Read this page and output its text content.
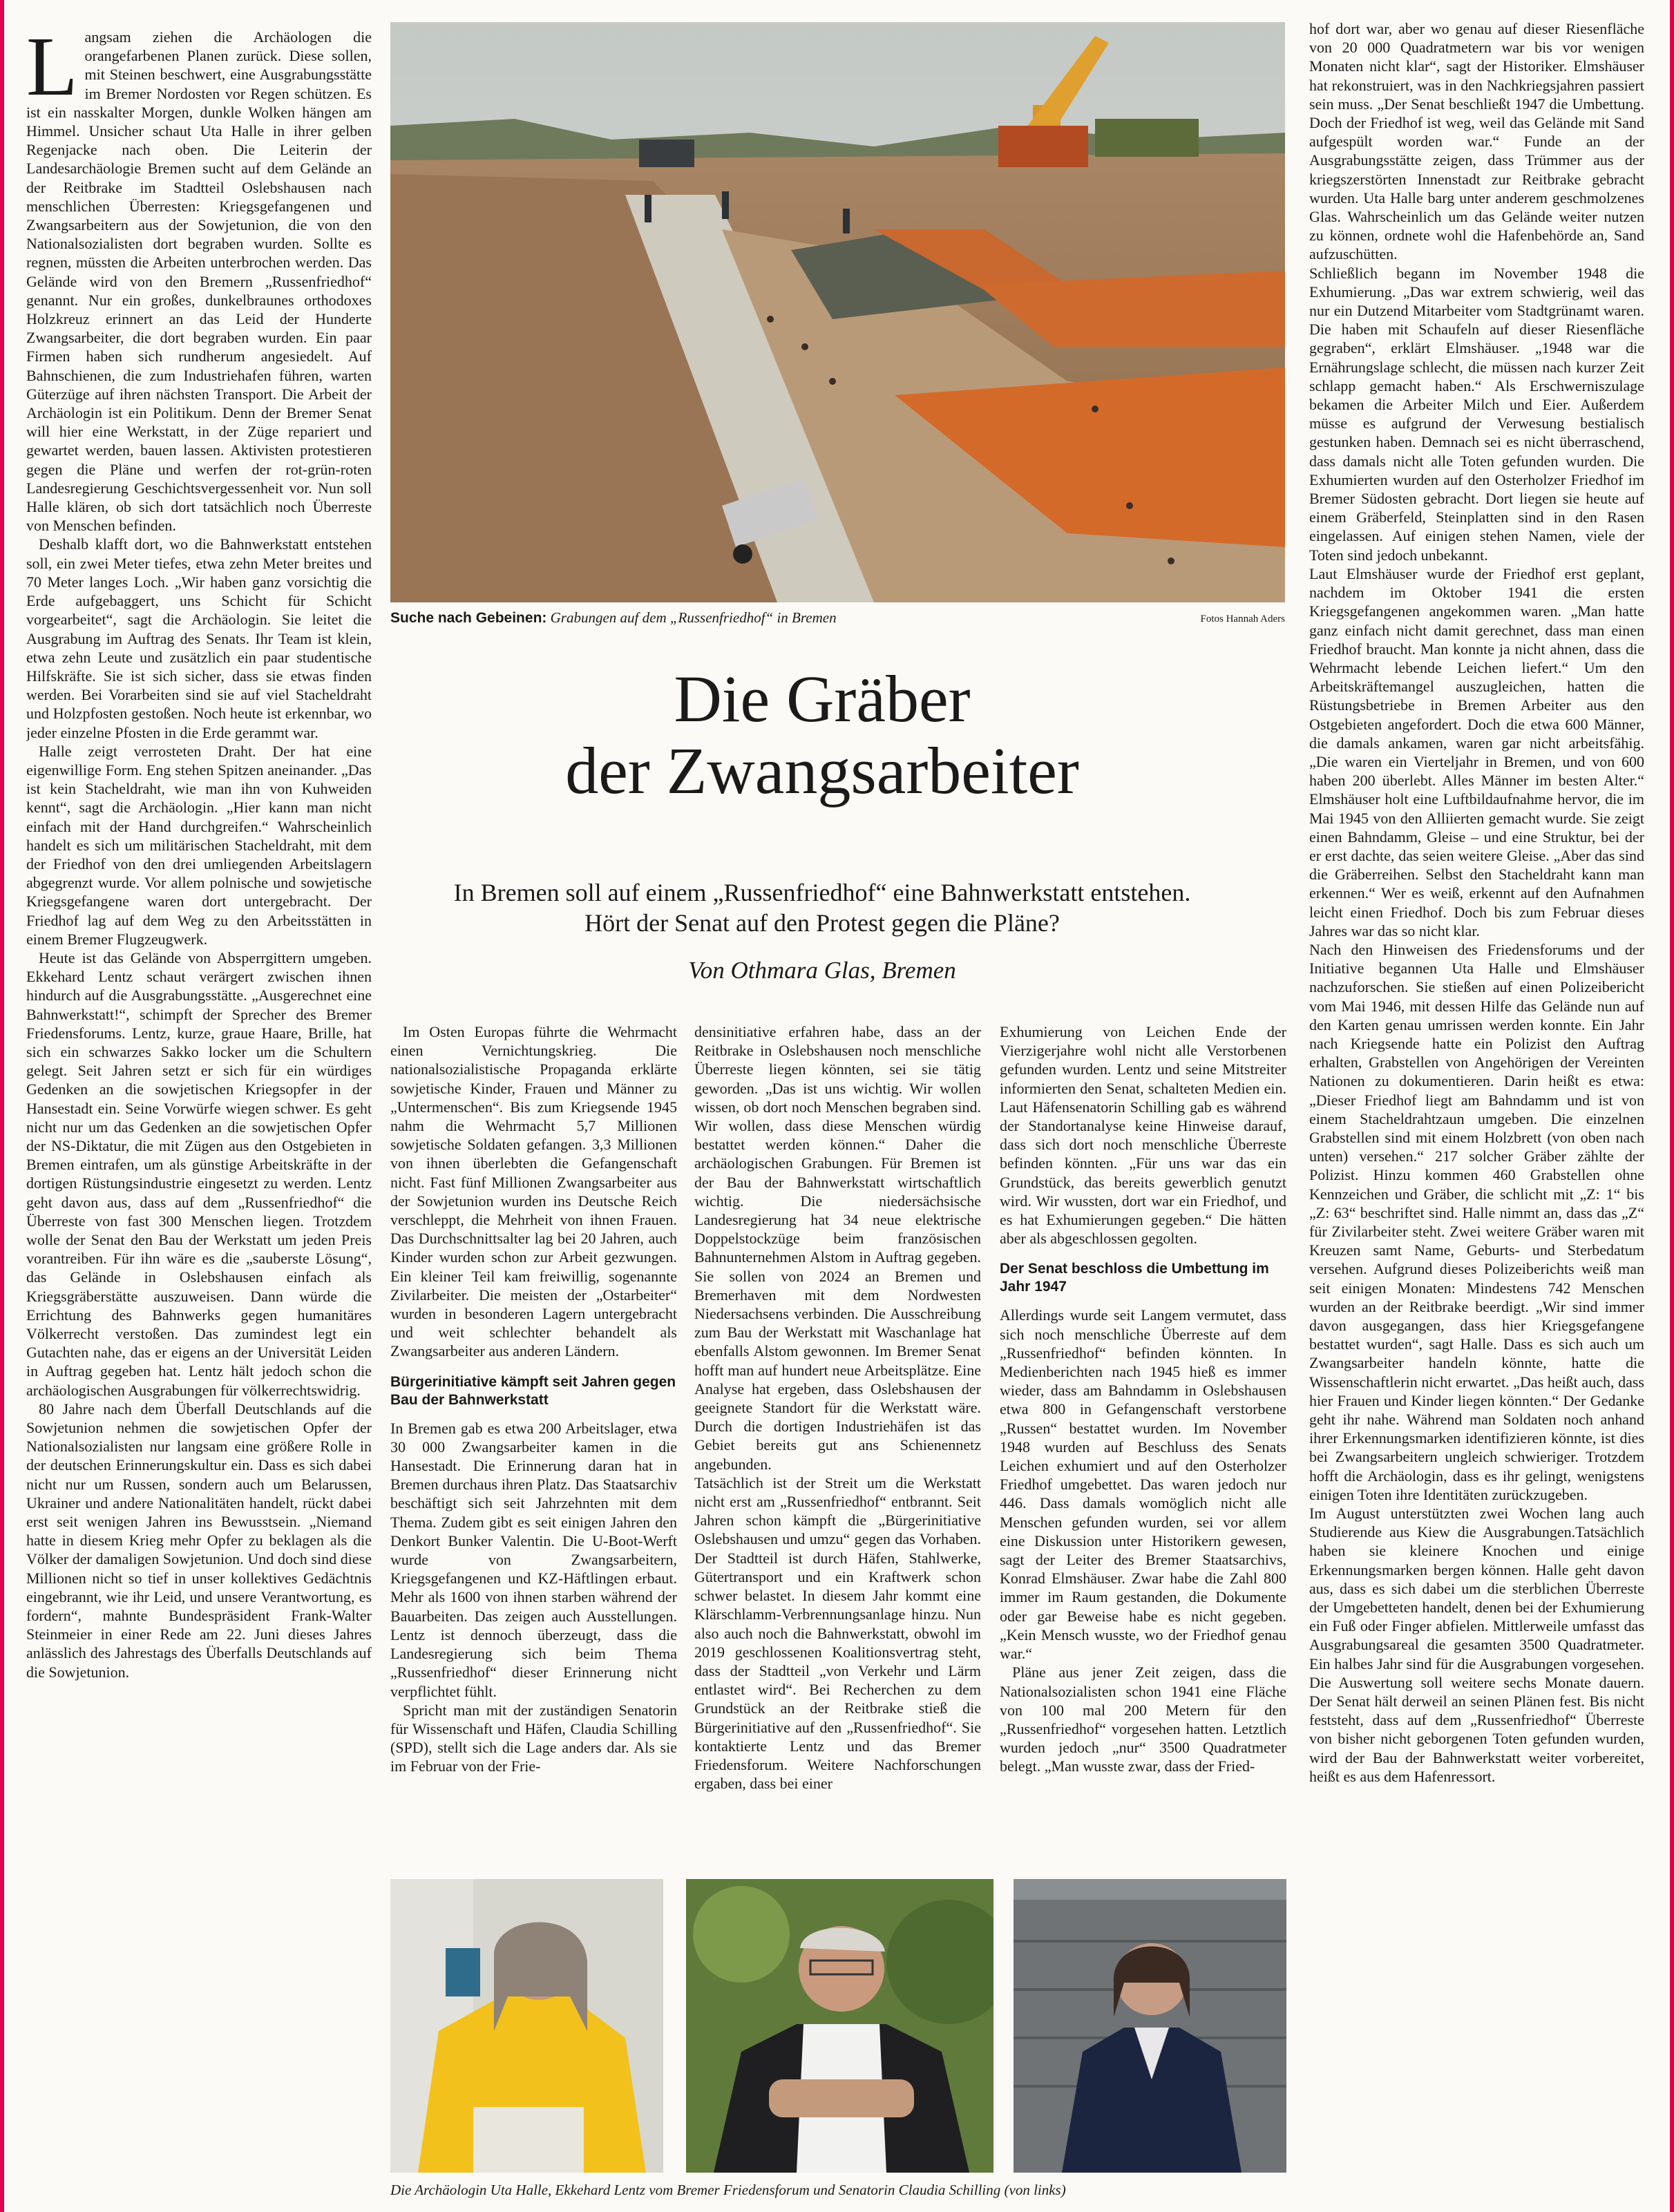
L angsam ziehen die Archäologen die orangefarbenen Planen zurück. Diese sollen, mit Steinen beschwert, eine Ausgrabungsstätte im Bremer Nordosten vor Regen schützen. Es ist ein nasskalter Morgen, dunkle Wolken hängen am Himmel. Unsicher schaut Uta Halle in ihrer gelben Regenjacke nach oben. Die Leiterin der Landesarchäologie Bremen sucht auf dem Gelände an der Reitbrake im Stadtteil Oslebshausen nach menschlichen Überresten: Kriegsgefangenen und Zwangsarbeitern aus der Sowjetunion, die von den Nationalsozialisten dort begraben wurden. Sollte es regnen, müssten die Arbeiten unterbrochen werden. Das Gelände wird von den Bremern „Russenfriedhof“ genannt. Nur ein großes, dunkelbraunes orthodoxes Holzkreuz erinnert an das Leid der Hunderte Zwangsarbeiter, die dort begraben wurden. Ein paar Firmen haben sich rundherum angesiedelt. Auf Bahnschienen, die zum Industriehafen führen, warten Güterzüge auf ihren nächsten Transport. Die Arbeit der Archäologin ist ein Politikum. Denn der Bremer Senat will hier eine Werkstatt, in der Züge repariert und gewartet werden, bauen lassen. Aktivisten protestieren gegen die Pläne und werfen der rot-grün-roten Landesregierung Geschichtsvergessenheit vor. Nun soll Halle klären, ob sich dort tatsächlich noch Überreste von Menschen befinden.

Deshalb klafft dort, wo die Bahnwerkstatt entstehen soll, ein zwei Meter tiefes, etwa zehn Meter breites und 70 Meter langes Loch. „Wir haben ganz vorsichtig die Erde aufgebaggert, uns Schicht für Schicht vorgearbeitet“, sagt die Archäologin. Sie leitet die Ausgrabung im Auftrag des Senats. Ihr Team ist klein, etwa zehn Leute und zusätzlich ein paar studentische Hilfskräfte. Sie ist sich sicher, dass sie etwas finden werden. Bei Vorarbeiten sind sie auf viel Stacheldraht und Holzpfosten gestoßen. Noch heute ist erkennbar, wo jeder einzelne Pfosten in die Erde gerammt war.

Halle zeigt verrosteten Draht. Der hat eine eigenwillige Form. Eng stehen Spitzen aneinander. „Das ist kein Stacheldraht, wie man ihn von Kuhweiden kennt“, sagt die Archäologin. „Hier kann man nicht einfach mit der Hand durchgreifen.“ Wahrscheinlich handelt es sich um militärischen Stacheldraht, mit dem der Friedhof von den drei umliegenden Arbeitslagern abgegrenzt wurde. Vor allem polnische und sowjetische Kriegsgefangene waren dort untergebracht. Der Friedhof lag auf dem Weg zu den Arbeitsstätten in einem Bremer Flugzeugwerk.

Heute ist das Gelände von Absperrgittern umgeben. Ekkehard Lentz schaut verärgert zwischen ihnen hindurch auf die Ausgrabungsstätte. „Ausgerechnet eine Bahnwerkstatt!“, schimpft der Sprecher des Bremer Friedensforums. Lentz, kurze, graue Haare, Brille, hat sich ein schwarzes Sakko locker um die Schultern gelegt. Seit Jahren setzt er sich für ein würdiges Gedenken an die sowjetischen Kriegsopfer in der Hansestadt ein. Seine Vorwürfe wiegen schwer. Es geht nicht nur um das Gedenken an die sowjetischen Opfer der NS-Diktatur, die mit Zügen aus den Ostgebieten in Bremen eintrafen, um als günstige Arbeitskräfte in der dortigen Rüstungsindustrie eingesetzt zu werden. Lentz geht davon aus, dass auf dem „Russenfriedhof“ die Überreste von fast 300 Menschen liegen. Trotzdem wolle der Senat den Bau der Werkstatt um jeden Preis vorantreiben. Für ihn wäre es die „sauberste Lösung“, das Gelände in Oslebshausen einfach als Kriegsgräberstätte auszuweisen. Dann würde die Errichtung des Bahnwerks gegen humanitäres Völkerrecht verstoßen. Das zumindest legt ein Gutachten nahe, das er eigens an der Universität Leiden in Auftrag gegeben hat. Lentz hält jedoch schon die archäologischen Ausgrabungen für völkerrechtswidrig.

80 Jahre nach dem Überfall Deutschlands auf die Sowjetunion nehmen die sowjetischen Opfer der Nationalsozialisten nur langsam eine größere Rolle in der deutschen Erinnerungskultur ein. Dass es sich dabei nicht nur um Russen, sondern auch um Belarussen, Ukrainer und andere Nationalitäten handelt, rückt dabei erst seit wenigen Jahren ins Bewusstsein. „Niemand hatte in diesem Krieg mehr Opfer zu beklagen als die Völker der damaligen Sowjetunion. Und doch sind diese Millionen nicht so tief in unser kollektives Gedächtnis eingebrannt, wie ihr Leid, und unsere Verantwortung, es fordern“, mahnte Bundespräsident Frank-Walter Steinmeier in einer Rede am 22. Juni dieses Jahres anlässlich des Jahrestags des Überfalls Deutschlands auf die Sowjetunion.

Suche nach Gebeinen: Grabungen auf dem „Russenfriedhof“ in Bremen	Fotos Hannah Aders
Die Gräber
der Zwangsarbeiter
In Bremen soll auf einem „Russenfriedhof“ eine Bahnwerkstatt entstehen.
Hört der Senat auf den Protest gegen die Pläne?
Von Othmara Glas, Bremen

Im Osten Europas führte die Wehrmacht einen Vernichtungskrieg. Die nationalsozialistische Propaganda erklärte sowjetische Kinder, Frauen und Männer zu „Untermenschen“. Bis zum Kriegsende 1945 nahm die Wehrmacht 5,7 Millionen sowjetische Soldaten gefangen. 3,3 Millionen von ihnen überlebten die Gefangenschaft nicht. Fast fünf Millionen Zwangsarbeiter aus der Sowjetunion wurden ins Deutsche Reich verschleppt, die Mehrheit von ihnen Frauen. Das Durchschnittsalter lag bei 20 Jahren, auch Kinder wurden schon zur Arbeit gezwungen. Ein kleiner Teil kam freiwillig, sogenannte Zivilarbeiter. Die meisten der „Ostarbeiter“ wurden in besonderen Lagern untergebracht und weit schlechter behandelt als Zwangsarbeiter aus anderen Ländern.

Bürgerinitiative kämpft seit Jahren gegen Bau der Bahnwerkstatt

In Bremen gab es etwa 200 Arbeitslager, etwa 30 000 Zwangsarbeiter kamen in die Hansestadt. Die Erinnerung daran hat in Bremen durchaus ihren Platz. Das Staatsarchiv beschäftigt sich seit Jahrzehnten mit dem Thema. Zudem gibt es seit einigen Jahren den Denkort Bunker Valentin. Die U-Boot-Werft wurde von Zwangsarbeitern, Kriegsgefangenen und KZ-Häftlingen erbaut. Mehr als 1600 von ihnen starben während der Bauarbeiten. Das zeigen auch Ausstellungen. Lentz ist dennoch überzeugt, dass die Landesregierung sich beim Thema „Russenfriedhof“ dieser Erinnerung nicht verpflichtet fühlt.

Spricht man mit der zuständigen Senatorin für Wissenschaft und Häfen, Claudia Schilling (SPD), stellt sich die Lage anders dar. Als sie im Februar von der Frie-

densinitiative erfahren habe, dass an der Reitbrake in Oslebshausen noch menschliche Überreste liegen könnten, sei sie tätig geworden. „Das ist uns wichtig. Wir wollen wissen, ob dort noch Menschen begraben sind. Wir wollen, dass diese Menschen würdig bestattet werden können.“ Daher die archäologischen Grabungen. Für Bremen ist der Bau der Bahnwerkstatt wirtschaftlich wichtig. Die niedersächsische Landesregierung hat 34 neue elektrische Doppelstockzüge beim französischen Bahnunternehmen Alstom in Auftrag gegeben. Sie sollen von 2024 an Bremen und Bremerhaven mit dem Nordwesten Niedersachsens verbinden. Die Ausschreibung zum Bau der Werkstatt mit Waschanlage hat ebenfalls Alstom gewonnen. Im Bremer Senat hofft man auf hundert neue Arbeitsplätze. Eine Analyse hat ergeben, dass Oslebshausen der geeignete Standort für die Werkstatt wäre. Durch die dortigen Industriehäfen ist das Gebiet bereits gut ans Schienennetz angebunden.

Tatsächlich ist der Streit um die Werkstatt nicht erst am „Russenfriedhof“ entbrannt. Seit Jahren schon kämpft die „Bürgerinitiative Oslebshausen und umzu“ gegen das Vorhaben. Der Stadtteil ist durch Häfen, Stahlwerke, Gütertransport und ein Kraftwerk schon schwer belastet. In diesem Jahr kommt eine Klärschlamm-Verbrennungsanlage hinzu. Nun also auch noch die Bahnwerkstatt, obwohl im 2019 geschlossenen Koalitionsvertrag steht, dass der Stadtteil „von Verkehr und Lärm entlastet wird“. Bei Recherchen zu dem Grundstück an der Reitbrake stieß die Bürgerinitiative auf den „Russenfriedhof“. Sie kontaktierte Lentz und das Bremer Friedensforum. Weitere Nachforschungen ergaben, dass bei einer

Exhumierung von Leichen Ende der Vierzigerjahre wohl nicht alle Verstorbenen gefunden wurden. Lentz und seine Mitstreiter informierten den Senat, schalteten Medien ein. Laut Häfensenatorin Schilling gab es während der Standortanalyse keine Hinweise darauf, dass sich dort noch menschliche Überreste befinden könnten. „Für uns war das ein Grundstück, das bereits gewerblich genutzt wird. Wir wussten, dort war ein Friedhof, und es hat Exhumierungen gegeben.“ Die hätten aber als abgeschlossen gegolten.

Der Senat beschloss die Umbettung im Jahr 1947

Allerdings wurde seit Langem vermutet, dass sich noch menschliche Überreste auf dem „Russenfriedhof“ befinden könnten. In Medienberichten nach 1945 hieß es immer wieder, dass am Bahndamm in Oslebshausen etwa 800 in Gefangenschaft verstorbene „Russen“ bestattet wurden. Im November 1948 wurden auf Beschluss des Senats Leichen exhumiert und auf den Osterholzer Friedhof umgebettet. Das waren jedoch nur 446. Dass damals womöglich nicht alle Menschen gefunden wurden, sei vor allem eine Diskussion unter Historikern gewesen, sagt der Leiter des Bremer Staatsarchivs, Konrad Elmshäuser. Zwar habe die Zahl 800 immer im Raum gestanden, die Dokumente oder gar Beweise habe es nicht gegeben. „Kein Mensch wusste, wo der Friedhof genau war.“

Pläne aus jener Zeit zeigen, dass die Nationalsozialisten schon 1941 eine Fläche von 100 mal 200 Metern für den „Russenfriedhof“ vorgesehen hatten. Letztlich wurden jedoch „nur“ 3500 Quadratmeter belegt. „Man wusste zwar, dass der Fried-

hof dort war, aber wo genau auf dieser Riesenfläche von 20 000 Quadratmetern war bis vor wenigen Monaten nicht klar“, sagt der Historiker. Elmshäuser hat rekonstruiert, was in den Nachkriegsjahren passiert sein muss. „Der Senat beschließt 1947 die Umbettung. Doch der Friedhof ist weg, weil das Gelände mit Sand aufgespült worden war.“ Funde an der Ausgrabungsstätte zeigen, dass Trümmer aus der kriegszerstörten Innenstadt zur Reitbrake gebracht wurden. Uta Halle barg unter anderem geschmolzenes Glas. Wahrscheinlich um das Gelände weiter nutzen zu können, ordnete wohl die Hafenbehörde an, Sand aufzuschütten.

Schließlich begann im November 1948 die Exhumierung. „Das war extrem schwierig, weil das nur ein Dutzend Mitarbeiter vom Stadtgrünamt waren. Die haben mit Schaufeln auf dieser Riesenfläche gegraben“, erklärt Elmshäuser. „1948 war die Ernährungslage schlecht, die müssen nach kurzer Zeit schlapp gemacht haben.“ Als Erschwerniszulage bekamen die Arbeiter Milch und Eier. Außerdem müsse es aufgrund der Verwesung bestialisch gestunken haben. Demnach sei es nicht überraschend, dass damals nicht alle Toten gefunden wurden. Die Exhumierten wurden auf den Osterholzer Friedhof im Bremer Südosten gebracht. Dort liegen sie heute auf einem Gräberfeld, Steinplatten sind in den Rasen eingelassen. Auf einigen stehen Namen, viele der Toten sind jedoch unbekannt.

Laut Elmshäuser wurde der Friedhof erst geplant, nachdem im Oktober 1941 die ersten Kriegsgefangenen angekommen waren. „Man hatte ganz einfach nicht damit gerechnet, dass man einen Friedhof braucht. Man konnte ja nicht ahnen, dass die Wehrmacht lebende Leichen liefert.“ Um den Arbeitskräftemangel auszugleichen, hatten die Rüstungsbetriebe in Bremen Arbeiter aus den Ostgebieten angefordert. Doch die etwa 600 Männer, die damals ankamen, waren gar nicht arbeitsfähig. „Die waren ein Vierteljahr in Bremen, und von 600 haben 200 überlebt. Alles Männer im besten Alter.“ Elmshäuser holt eine Luftbildaufnahme hervor, die im Mai 1945 von den Alliierten gemacht wurde. Sie zeigt einen Bahndamm, Gleise – und eine Struktur, bei der er erst dachte, das seien weitere Gleise. „Aber das sind die Gräberreihen. Selbst den Stacheldraht kann man erkennen.“ Wer es weiß, erkennt auf den Aufnahmen leicht einen Friedhof. Doch bis zum Februar dieses Jahres war das so nicht klar.

Nach den Hinweisen des Friedensforums und der Initiative begannen Uta Halle und Elmshäuser nachzuforschen. Sie stießen auf einen Polizeibericht vom Mai 1946, mit dessen Hilfe das Gelände nun auf den Karten genau umrissen werden konnte. Ein Jahr nach Kriegsende hatte ein Polizist den Auftrag erhalten, Grabstellen von Angehörigen der Vereinten Nationen zu dokumentieren. Darin heißt es etwa: „Dieser Friedhof liegt am Bahndamm und ist von einem Stacheldrahtzaun umgeben. Die einzelnen Grabstellen sind mit einem Holzbrett (von oben nach unten) versehen.“ 217 solcher Gräber zählte der Polizist. Hinzu kommen 460 Grabstellen ohne Kennzeichen und Gräber, die schlicht mit „Z: 1“ bis „Z: 63“ beschriftet sind. Halle nimmt an, dass das „Z“ für Zivilarbeiter steht. Zwei weitere Gräber waren mit Kreuzen samt Name, Geburts- und Sterbedatum versehen. Aufgrund dieses Polizeiberichts weiß man seit einigen Monaten: Mindestens 742 Menschen wurden an der Reitbrake beerdigt. „Wir sind immer davon ausgegangen, dass hier Kriegsgefangene bestattet wurden“, sagt Halle. Dass es sich auch um Zwangsarbeiter handeln könnte, hatte die Wissenschaftlerin nicht erwartet. „Das heißt auch, dass hier Frauen und Kinder liegen könnten.“ Der Gedanke geht ihr nahe. Während man Soldaten noch anhand ihrer Erkennungsmarken identifizieren könnte, ist dies bei Zwangsarbeitern ungleich schwieriger. Trotzdem hofft die Archäologin, dass es ihr gelingt, wenigstens einigen Toten ihre Identitäten zurückzugeben.

Im August unterstützten zwei Wochen lang auch Studierende aus Kiew die Ausgrabungen.Tatsächlich haben sie kleinere Knochen und einige Erkennungsmarken bergen können. Halle geht davon aus, dass es sich dabei um die sterblichen Überreste der Umgebetteten handelt, denen bei der Exhumierung ein Fuß oder Finger abfielen. Mittlerweile umfasst das Ausgrabungsareal die gesamten 3500 Quadratmeter. Ein halbes Jahr sind für die Ausgrabungen vorgesehen. Die Auswertung soll weitere sechs Monate dauern. Der Senat hält derweil an seinen Plänen fest. Bis nicht feststeht, dass auf dem „Russenfriedhof“ Überreste von bisher nicht geborgenen Toten gefunden wurden, wird der Bau der Bahnwerkstatt weiter vorbereitet, heißt es aus dem Hafenressort.

Die Archäologin Uta Halle, Ekkehard Lentz vom Bremer Friedensforum und Senatorin Claudia Schilling (von links)
